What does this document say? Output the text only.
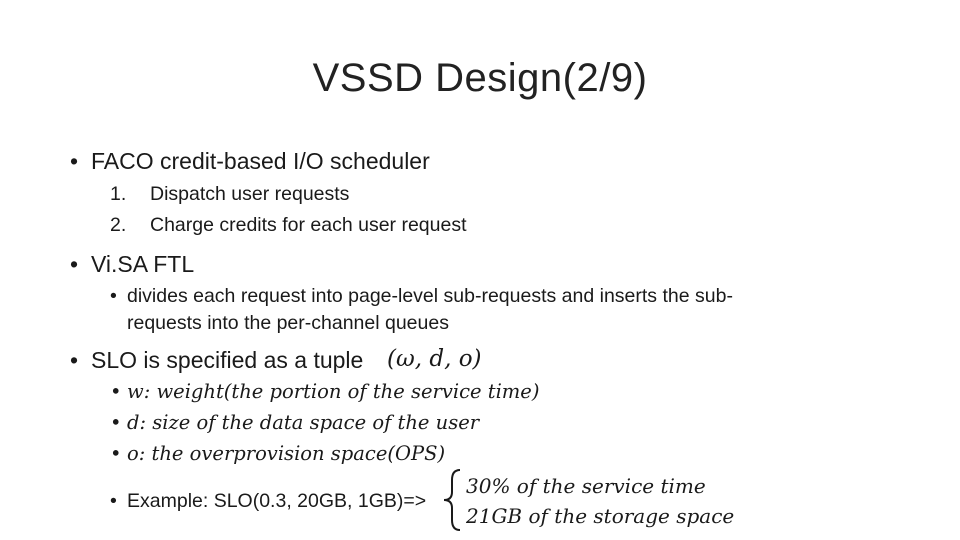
VSSD Design(2/9)
• FACO credit-based I/O scheduler
1. Dispatch user requests
2. Charge credits for each user request
• Vi.SA FTL
• divides each request into page-level sub-requests and inserts the sub-
requests into the per-channel queues
• SLO is specified as a tuple (ω, d, o)
• w: weight(the portion of the service time)
• d: size of the data space of the user
• o: the overprovision space(OPS)
• Example: SLO(0.3, 20GB, 1GB)=>
30% of the service time
21GB of the storage space
